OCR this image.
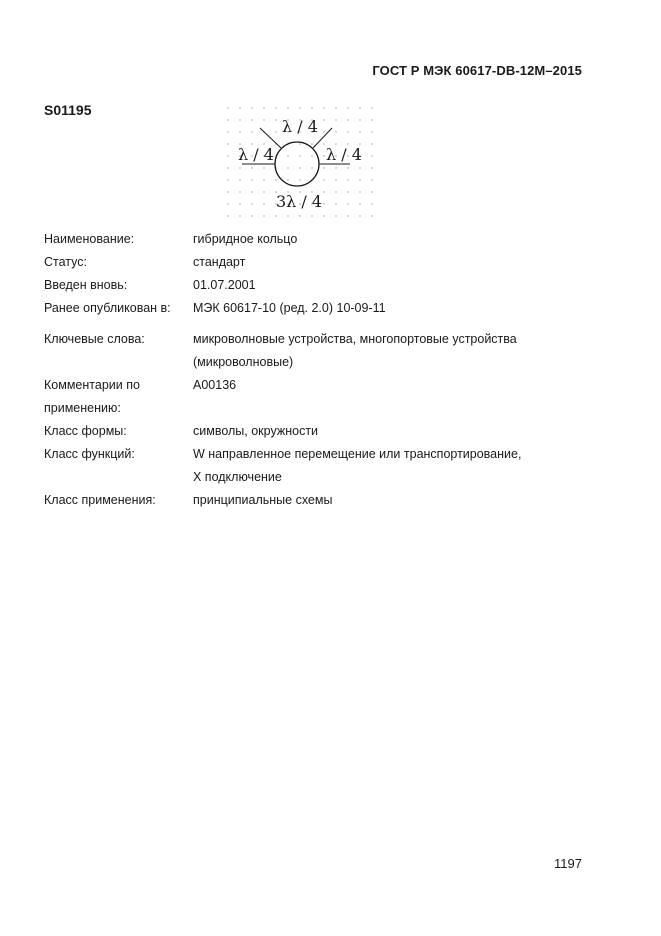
ГОСТ Р МЭК 60617-DB-12M–2015
S01195
λ / 4
λ / 4	λ / 4
3λ / 4
Наименование:	гибридное кольцо
Статус:	стандарт
Введен вновь:	01.07.2001
Ранее опубликован в:	МЭК 60617-10 (ред. 2.0) 10-09-11
Ключевые слова:	микроволновые устройства, многопортовые устройства
(микроволновые)
Комментарии по
применению:
A00136
Класс формы:	символы, окружности
Класс функций:	W направленное перемещение или транспортирование,
X подключение
Класс применения:	принципиальные схемы
1197
